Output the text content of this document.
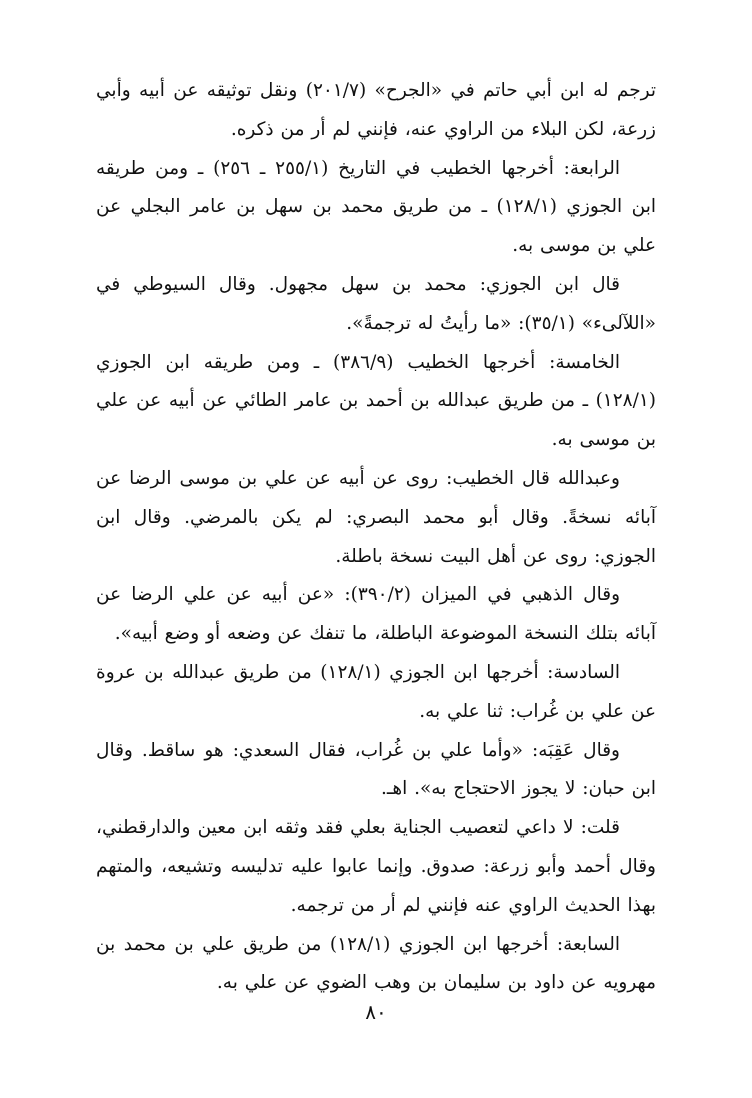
ترجم له ابن أبي حاتم في «الجرح» (٢٠١/٧) ونقل توثيقه عن أبيه وأبي زرعة، لكن البلاء من الراوي عنه، فإنني لم أر من ذكره.

الرابعة: أخرجها الخطيب في التاريخ (٢٥٥/١ ـ ٢٥٦) ـ ومن طريقه ابن الجوزي (١٢٨/١) ـ من طريق محمد بن سهل بن عامر البجلي عن علي بن موسى به.

قال ابن الجوزي: محمد بن سهل مجهول. وقال السيوطي في «اللآلىء» (٣٥/١): «ما رأيتُ له ترجمةً».

الخامسة: أخرجها الخطيب (٣٨٦/٩) ـ ومن طريقه ابن الجوزي (١٢٨/١) ـ من طريق عبدالله بن أحمد بن عامر الطائي عن أبيه عن علي بن موسى به.

وعبدالله قال الخطيب: روى عن أبيه عن علي بن موسى الرضا عن آبائه نسخةً. وقال أبو محمد البصري: لم يكن بالمرضي. وقال ابن الجوزي: روى عن أهل البيت نسخة باطلة.

وقال الذهبي في الميزان (٣٩٠/٢): «عن أبيه عن علي الرضا عن آبائه بتلك النسخة الموضوعة الباطلة، ما تنفك عن وضعه أو وضع أبيه».

السادسة: أخرجها ابن الجوزي (١٢٨/١) من طريق عبدالله بن عروة عن علي بن غُراب: ثنا علي به.

وقال عَقِبَه: «وأما علي بن غُراب، فقال السعدي: هو ساقط. وقال ابن حبان: لا يجوز الاحتجاج به». اهـ.

قلت: لا داعي لتعصيب الجناية بعلي فقد وثقه ابن معين والدارقطني، وقال أحمد وأبو زرعة: صدوق. وإنما عابوا عليه تدليسه وتشيعه، والمتهم بهذا الحديث الراوي عنه فإنني لم أر من ترجمه.

السابعة: أخرجها ابن الجوزي (١٢٨/١) من طريق علي بن محمد بن مهرويه عن داود بن سليمان بن وهب الضوي عن علي به.

٨٠
